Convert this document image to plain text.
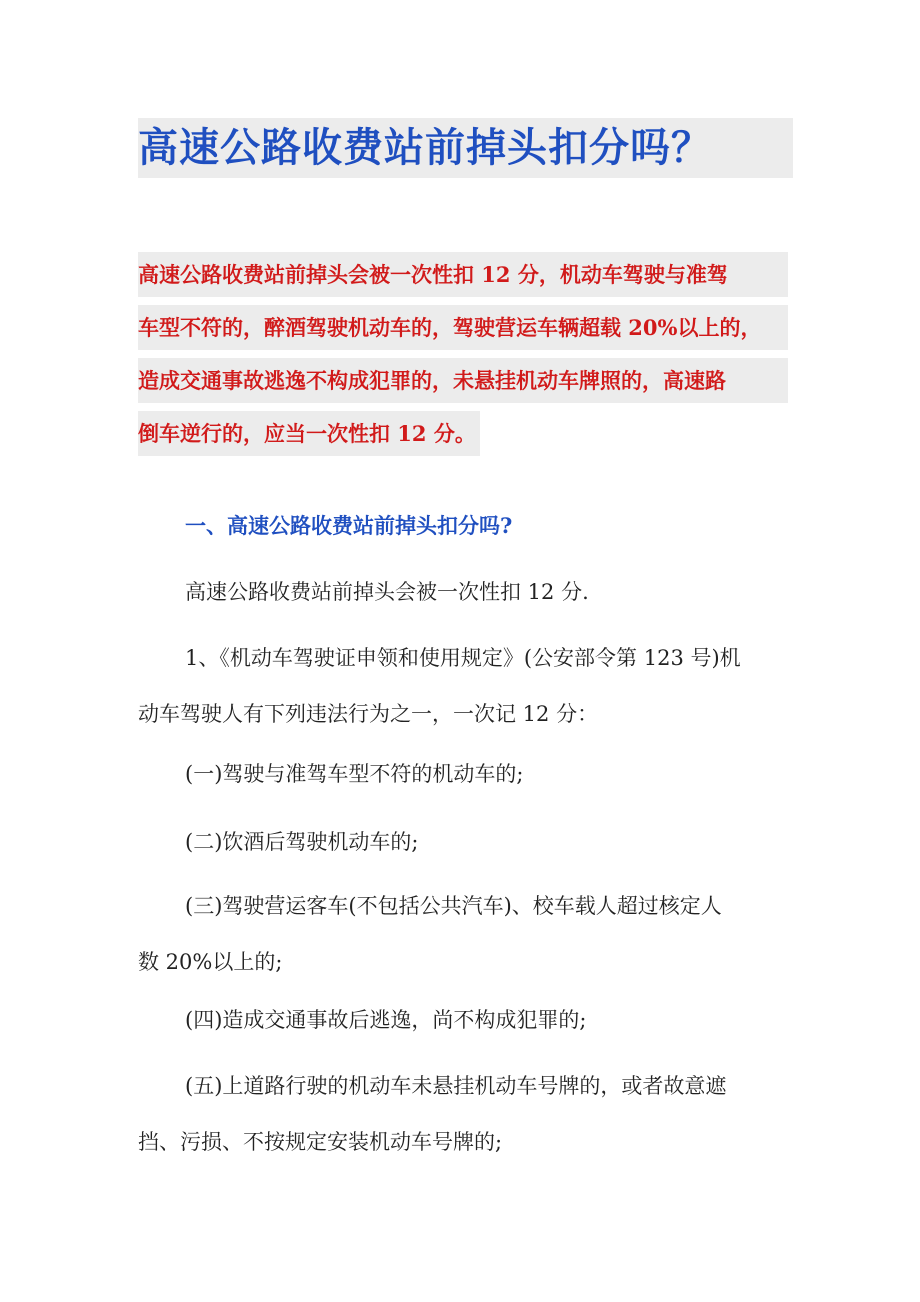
高速公路收费站前掉头扣分吗？
高速公路收费站前掉头会被一次性扣 12 分，机动车驾驶与准驾
车型不符的，醉酒驾驶机动车的，驾驶营运车辆超载 20%以上的，
造成交通事故逃逸不构成犯罪的，未悬挂机动车牌照的，高速路
倒车逆行的，应当一次性扣 12 分。
一、高速公路收费站前掉头扣分吗?
高速公路收费站前掉头会被一次性扣 12 分.
1、《机动车驾驶证申领和使用规定》(公安部令第 123 号)机
动车驾驶人有下列违法行为之一，一次记 12 分：
(一)驾驶与准驾车型不符的机动车的;
(二)饮酒后驾驶机动车的;
(三)驾驶营运客车(不包括公共汽车)、校车载人超过核定人
数 20%以上的;
(四)造成交通事故后逃逸，尚不构成犯罪的;
(五)上道路行驶的机动车未悬挂机动车号牌的，或者故意遮
挡、污损、不按规定安装机动车号牌的;
